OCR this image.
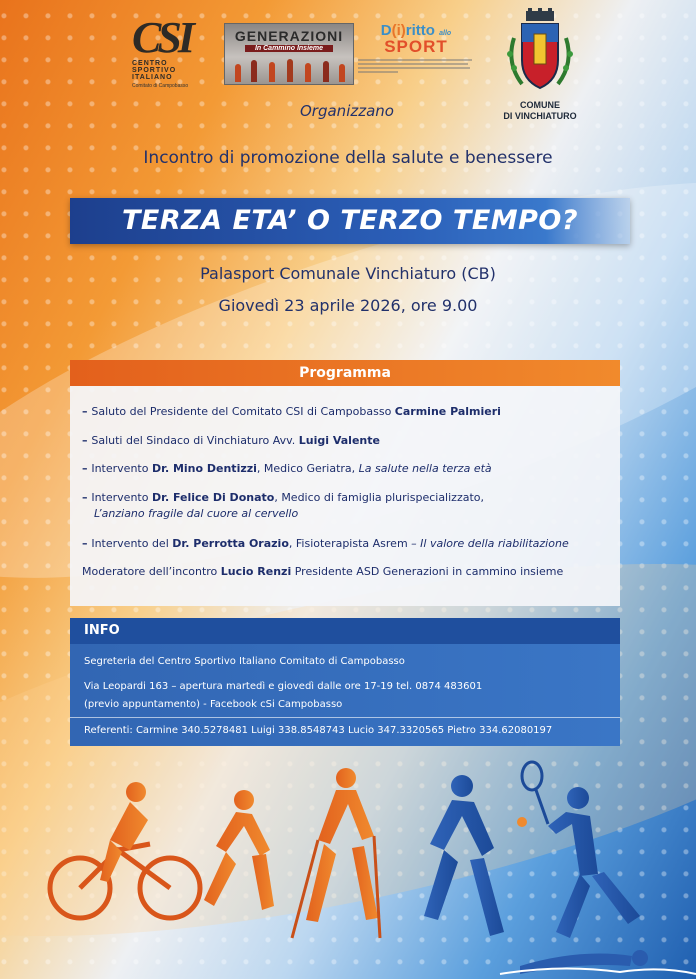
CSI
CENTRO
SPORTIVO
ITALIANO
Comitato di Campobasso
GENERAZIONI
In Cammino Insieme
D(i)ritto allo
SPORT
COMUNE
DI VINCHIATURO
Organizzano
Incontro di promozione della salute e benessere
TERZA ETA’ O TERZO TEMPO?
Palasport Comunale Vinchiaturo (CB)
Giovedì 23 aprile 2026, ore 9.00
Programma
– Saluto del Presidente del Comitato CSI di Campobasso Carmine Palmieri
– Saluti del Sindaco di Vinchiaturo Avv. Luigi Valente
– Intervento Dr. Mino Dentizzi, Medico Geriatra, La salute nella terza età
– Intervento Dr. Felice Di Donato, Medico di famiglia plurispecializzato,
L’anziano fragile dal cuore al cervello
– Intervento del Dr. Perrotta Orazio, Fisioterapista Asrem – Il valore della riabilitazione
Moderatore dell’incontro Lucio Renzi Presidente ASD Generazioni in cammino insieme
INFO
Segreteria del Centro Sportivo Italiano Comitato di Campobasso
Via Leopardi 163 – apertura martedì e giovedì dalle ore 17-19 tel. 0874 483601
(previo appuntamento) - Facebook cSi Campobasso
Referenti: Carmine 340.5278481 Luigi 338.8548743 Lucio 347.3320565 Pietro 334.62080197
